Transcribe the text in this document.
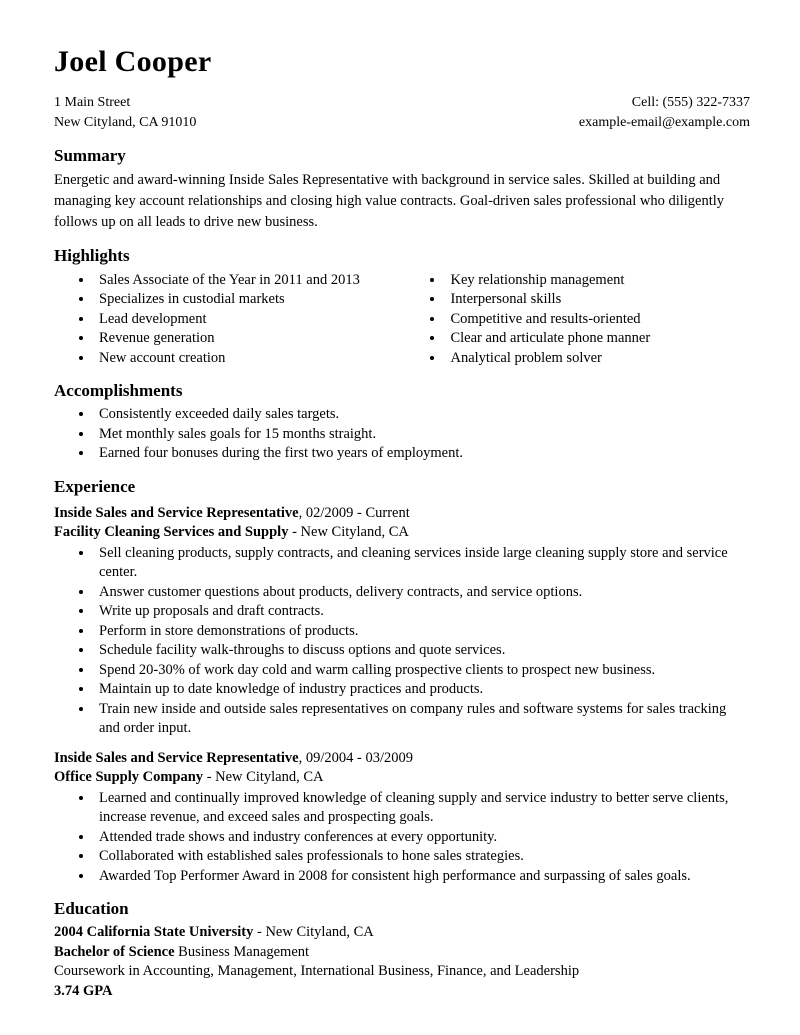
Joel Cooper
1 Main Street
New Cityland, CA 91010
Cell: (555) 322-7337
example-email@example.com
Summary

Energetic and award-winning Inside Sales Representative with background in service sales. Skilled at building and managing key account relationships and closing high value contracts. Goal-driven sales professional who diligently follows up on all leads to drive new business.

Highlights
• Sales Associate of the Year in 2011 and 2013
• Specializes in custodial markets
• Lead development
• Revenue generation
• New account creation
• Key relationship management
• Interpersonal skills
• Competitive and results-oriented
• Clear and articulate phone manner
• Analytical problem solver
Accomplishments
• Consistently exceeded daily sales targets.
• Met monthly sales goals for 15 months straight.
• Earned four bonuses during the first two years of employment.
Experience
Inside Sales and Service Representative, 02/2009 - Current
Facility Cleaning Services and Supply - New Cityland, CA
• Sell cleaning products, supply contracts, and cleaning services inside large cleaning supply store and service center.
• Answer customer questions about products, delivery contracts, and service options.
• Write up proposals and draft contracts.
• Perform in store demonstrations of products.
• Schedule facility walk-throughs to discuss options and quote services.
• Spend 20-30% of work day cold and warm calling prospective clients to prospect new business.
• Maintain up to date knowledge of industry practices and products.
• Train new inside and outside sales representatives on company rules and software systems for sales tracking and order input.
Inside Sales and Service Representative, 09/2004 - 03/2009
Office Supply Company - New Cityland, CA
• Learned and continually improved knowledge of cleaning supply and service industry to better serve clients, increase revenue, and exceed sales and prospecting goals.
• Attended trade shows and industry conferences at every opportunity.
• Collaborated with established sales professionals to hone sales strategies.
• Awarded Top Performer Award in 2008 for consistent high performance and surpassing of sales goals.
Education
2004 California State University - New Cityland, CA
Bachelor of Science Business Management
Coursework in Accounting, Management, International Business, Finance, and Leadership
3.74 GPA
